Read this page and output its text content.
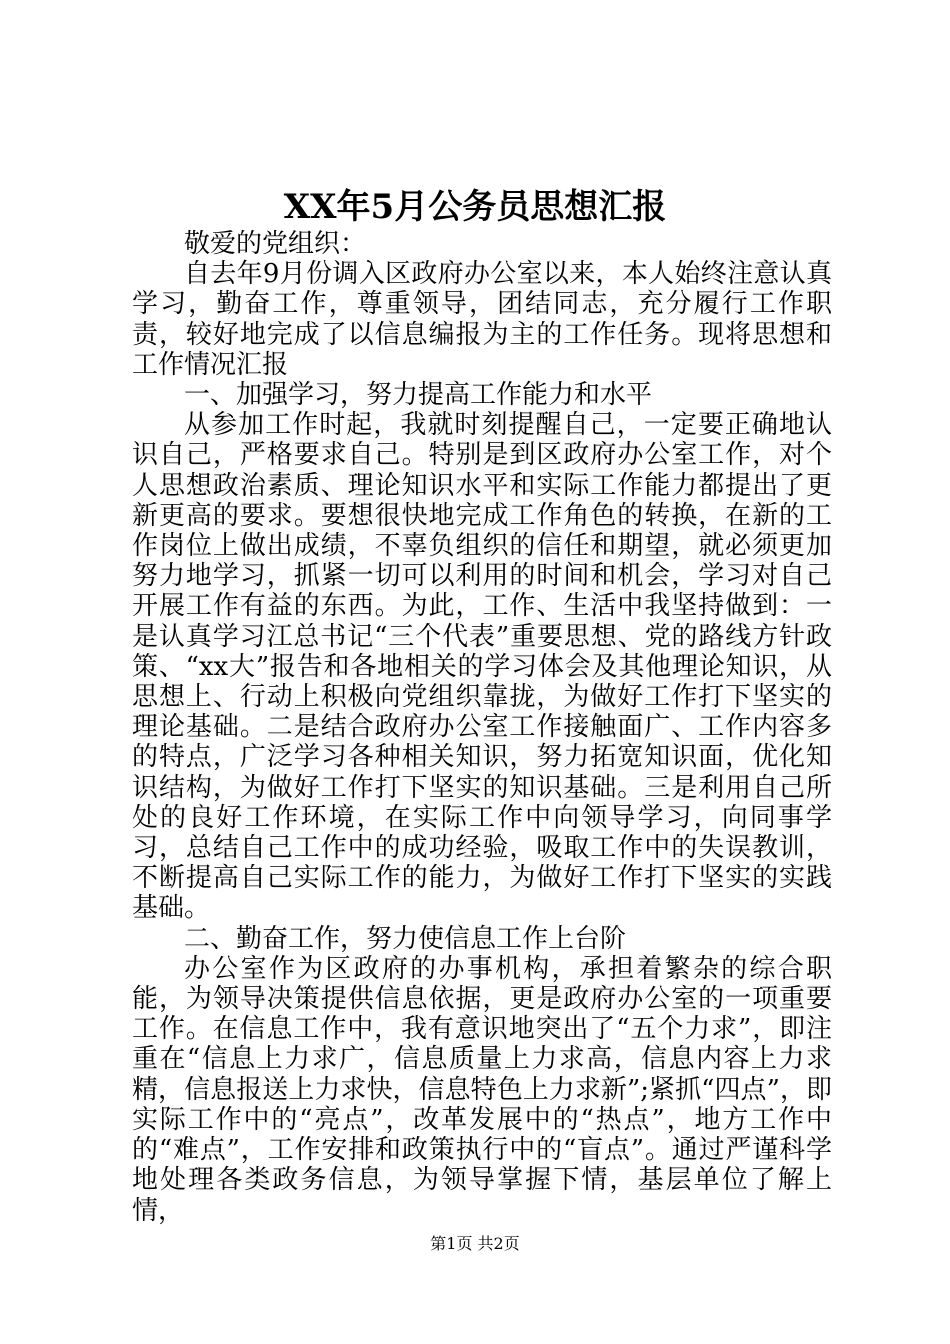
XX年5月公务员思想汇报

敬爱的党组织：

自去年9月份调入区政府办公室以来，本人始终注意认真学习，勤奋工作，尊重领导，团结同志，充分履行工作职责，较好地完成了以信息编报为主的工作任务。现将思想和工作情况汇报

一、加强学习，努力提高工作能力和水平

从参加工作时起，我就时刻提醒自己，一定要正确地认识自己，严格要求自己。特别是到区政府办公室工作，对个人思想政治素质、理论知识水平和实际工作能力都提出了更新更高的要求。要想很快地完成工作角色的转换，在新的工作岗位上做出成绩，不辜负组织的信任和期望，就必须更加努力地学习，抓紧一切可以利用的时间和机会，学习对自己开展工作有益的东西。为此，工作、生活中我坚持做到：一是认真学习江总书记“三个代表”重要思想、党的路线方针政策、“xx大”报告和各地相关的学习体会及其他理论知识，从思想上、行动上积极向党组织靠拢，为做好工作打下坚实的理论基础。二是结合政府办公室工作接触面广、工作内容多的特点，广泛学习各种相关知识，努力拓宽知识面，优化知识结构，为做好工作打下坚实的知识基础。三是利用自己所处的良好工作环境，在实际工作中向领导学习，向同事学习，总结自己工作中的成功经验，吸取工作中的失误教训，不断提高自己实际工作的能力，为做好工作打下坚实的实践基础。

二、勤奋工作，努力使信息工作上台阶

办公室作为区政府的办事机构，承担着繁杂的综合职能，为领导决策提供信息依据，更是政府办公室的一项重要工作。在信息工作中，我有意识地突出了“五个力求”，即注重在“信息上力求广，信息质量上力求高，信息内容上力求精，信息报送上力求快，信息特色上力求新”;紧抓“四点”，即实际工作中的“亮点”，改革发展中的“热点”，地方工作中的“难点”，工作安排和政策执行中的“盲点”。通过严谨科学地处理各类政务信息，为领导掌握下情，基层单位了解上情，

第1页 共2页
